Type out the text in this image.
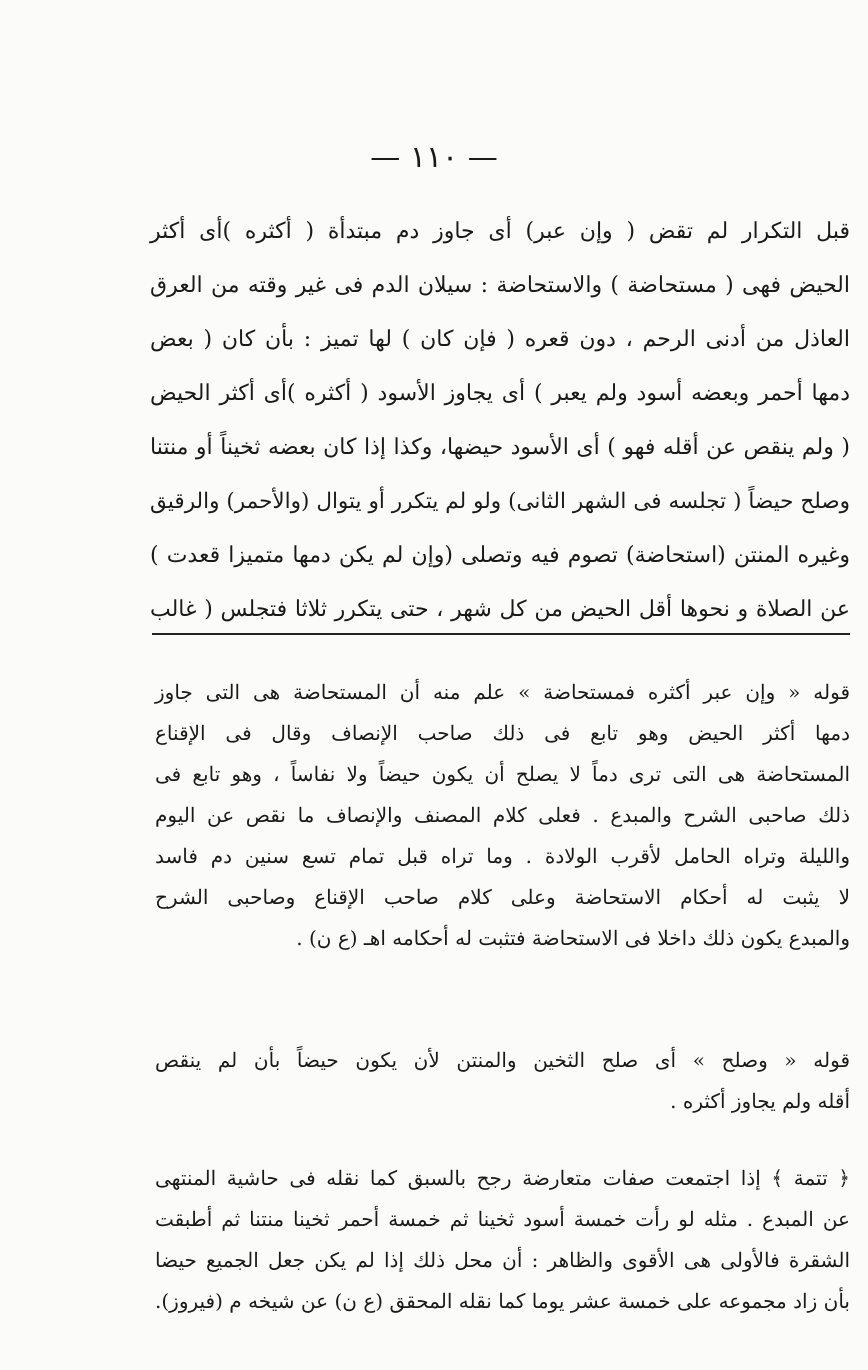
— ١١٠ —
قبل التكرار لم تقض ( وإن عبر) أى جاوز دم مبتدأة ( أكثره )أى أكثر
الحيض فهى ( مستحاضة ) والاستحاضة : سيلان الدم فى غير وقته من العرق
العاذل من أدنى الرحم ، دون قعره ( فإن كان ) لها تميز : بأن كان ( بعض
دمها أحمر وبعضه أسود ولم يعبر ) أى يجاوز الأسود ( أكثره )أى أكثر الحيض
( ولم ينقص عن أقله فهو ) أى الأسود حيضها، وكذا إذا كان بعضه ثخيناً أو منتنا
وصلح حيضاً ( تجلسه فى الشهر الثانى) ولو لم يتكرر أو يتوال (والأحمر) والرقيق
وغيره المنتن (استحاضة) تصوم فيه وتصلى (وإن لم يكن دمها متميزا قعدت )
عن الصلاة و نحوها أقل الحيض من كل شهر ، حتى يتكرر ثلاثا فتجلس ( غالب
قوله « وإن عبر أكثره فمستحاضة » علم منه أن المستحاضة هى التى جاوز
دمها أكثر الحيض وهو تابع فى ذلك صاحب الإنصاف وقال فى الإقناع
المستحاضة هى التى ترى دماً لا يصلح أن يكون حيضاً ولا نفاساً ، وهو تابع فى
ذلك صاحبى الشرح والمبدع . فعلى كلام المصنف والإنصاف ما نقص عن اليوم
والليلة وتراه الحامل لأقرب الولادة . وما تراه قبل تمام تسع سنين دم فاسد
لا يثبت له أحكام الاستحاضة وعلى كلام صاحب الإقناع وصاحبى الشرح
والمبدع يكون ذلك داخلا فى الاستحاضة فتثبت له أحكامه اهـ (ع ن) .
قوله « وصلح » أى صلح الثخين والمنتن لأن يكون حيضاً بأن لم ينقص
أقله ولم يجاوز أكثره .
﴿ تتمة ﴾ إذا اجتمعت صفات متعارضة رجح بالسبق كما نقله فى حاشية المنتهى
عن المبدع . مثله لو رأت خمسة أسود ثخينا ثم خمسة أحمر ثخينا منتنا ثم أطبقت
الشقرة فالأولى هى الأقوى والظاهر : أن محل ذلك إذا لم يكن جعل الجميع حيضا
بأن زاد مجموعه على خمسة عشر يوما كما نقله المحقق (ع ن) عن شيخه م (فيروز).
